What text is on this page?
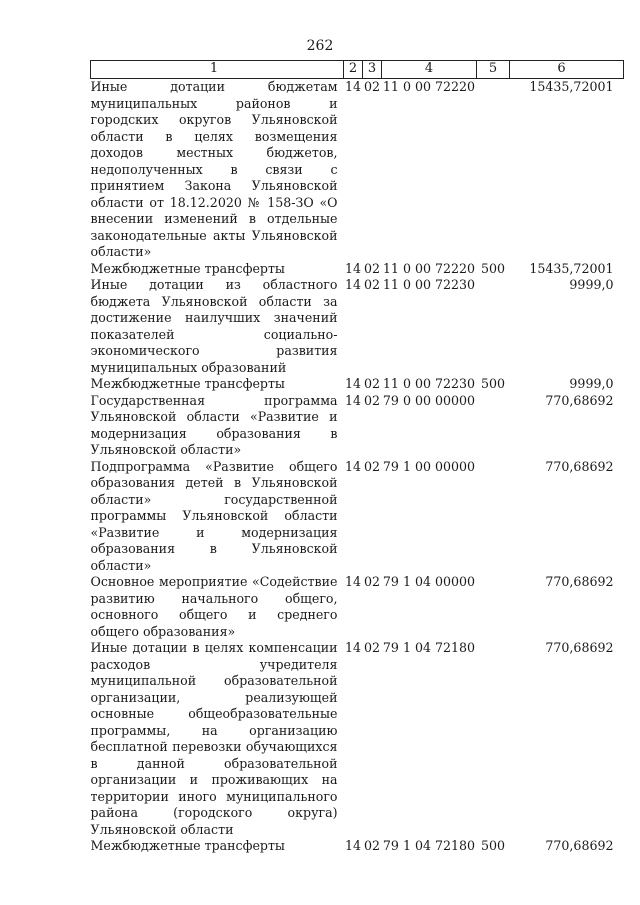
262
1	2	3	4	5	6
Иные дотации бюджетам муниципальных районов и городских округов Ульяновской области в целях возмещения доходов местных бюджетов, недополученных в связи с принятием Закона Ульяновской области от 18.12.2020 № 158-ЗО «О внесении изменений в отдельные законодательные акты Ульяновской области»	14	02	11 0 00 72220		15435,72001
Межбюджетные трансферты	14	02	11 0 00 72220	500	15435,72001
Иные дотации из областного бюджета Ульяновской области за достижение наилучших значений показателей социально-экономического развития муниципальных образований	14	02	11 0 00 72230		9999,0
Межбюджетные трансферты	14	02	11 0 00 72230	500	9999,0
Государственная программа Ульяновской области «Развитие и модернизация образования в Ульяновской области»	14	02	79 0 00 00000		770,68692
Подпрограмма «Развитие общего образования детей в Ульяновской области» государственной программы Ульяновской области «Развитие и модернизация образования в Ульяновской области»	14	02	79 1 00 00000		770,68692
Основное мероприятие «Содействие развитию начального общего, основного общего и среднего общего образования»	14	02	79 1 04 00000		770,68692
Иные дотации в целях компенсации расходов учредителя муниципальной образовательной организации, реализующей основные общеобразовательные программы, на организацию бесплатной перевозки обучающихся в данной образовательной организации и проживающих на территории иного муниципального района (городского округа) Ульяновской области	14	02	79 1 04 72180		770,68692
Межбюджетные трансферты	14	02	79 1 04 72180	500	770,68692
